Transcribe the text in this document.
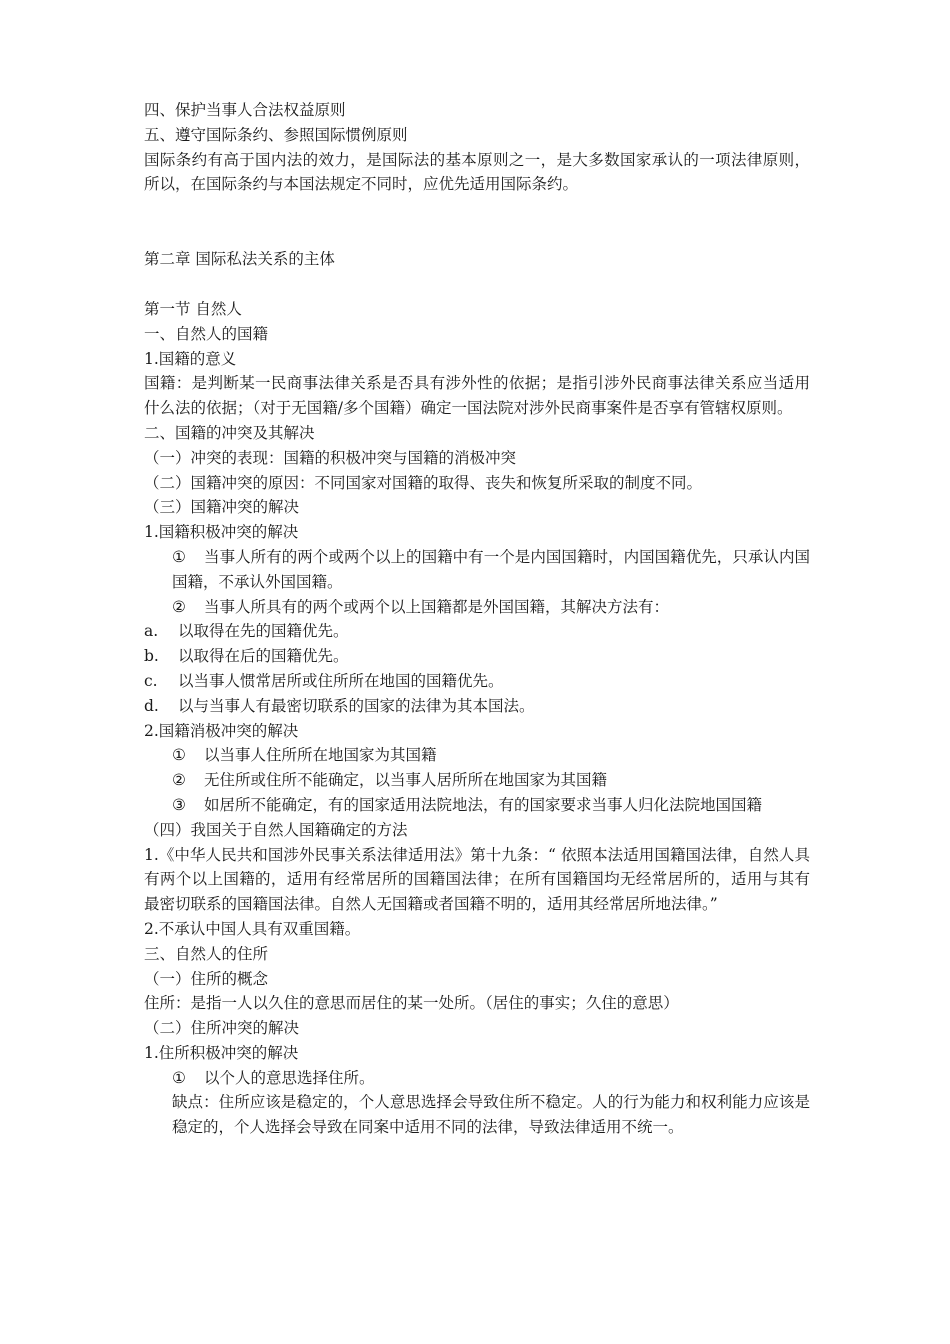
四、保护当事人合法权益原则

五、遵守国际条约、参照国际惯例原则

国际条约有高于国内法的效力，是国际法的基本原则之一，是大多数国家承认的一项法律原则，所以，在国际条约与本国法规定不同时，应优先适用国际条约。

第二章 国际私法关系的主体

第一节 自然人

一、自然人的国籍

1.国籍的意义

国籍：是判断某一民商事法律关系是否具有涉外性的依据；是指引涉外民商事法律关系应当适用什么法的依据；（对于无国籍/多个国籍）确定一国法院对涉外民商事案件是否享有管辖权原则。

二、国籍的冲突及其解决

（一）冲突的表现：国籍的积极冲突与国籍的消极冲突

（二）国籍冲突的原因：不同国家对国籍的取得、丧失和恢复所采取的制度不同。

（三）国籍冲突的解决

1.国籍积极冲突的解决

① 当事人所有的两个或两个以上的国籍中有一个是内国国籍时，内国国籍优先，只承认内国国籍，不承认外国国籍。

② 当事人所具有的两个或两个以上国籍都是外国国籍，其解决方法有：

a. 以取得在先的国籍优先。

b. 以取得在后的国籍优先。

c. 以当事人惯常居所或住所所在地国的国籍优先。

d. 以与当事人有最密切联系的国家的法律为其本国法。

2.国籍消极冲突的解决

① 以当事人住所所在地国家为其国籍

② 无住所或住所不能确定，以当事人居所所在地国家为其国籍

③ 如居所不能确定，有的国家适用法院地法，有的国家要求当事人归化法院地国国籍

（四）我国关于自然人国籍确定的方法

1.《中华人民共和国涉外民事关系法律适用法》第十九条：“ 依照本法适用国籍国法律，自然人具有两个以上国籍的，适用有经常居所的国籍国法律；在所有国籍国均无经常居所的，适用与其有最密切联系的国籍国法律。自然人无国籍或者国籍不明的，适用其经常居所地法律。”

2.不承认中国人具有双重国籍。

三、自然人的住所

（一）住所的概念

住所：是指一人以久住的意思而居住的某一处所。（居住的事实；久住的意思）

（二）住所冲突的解决

1.住所积极冲突的解决

① 以个人的意思选择住所。

缺点：住所应该是稳定的，个人意思选择会导致住所不稳定。人的行为能力和权利能力应该是稳定的，个人选择会导致在同案中适用不同的法律，导致法律适用不统一。
